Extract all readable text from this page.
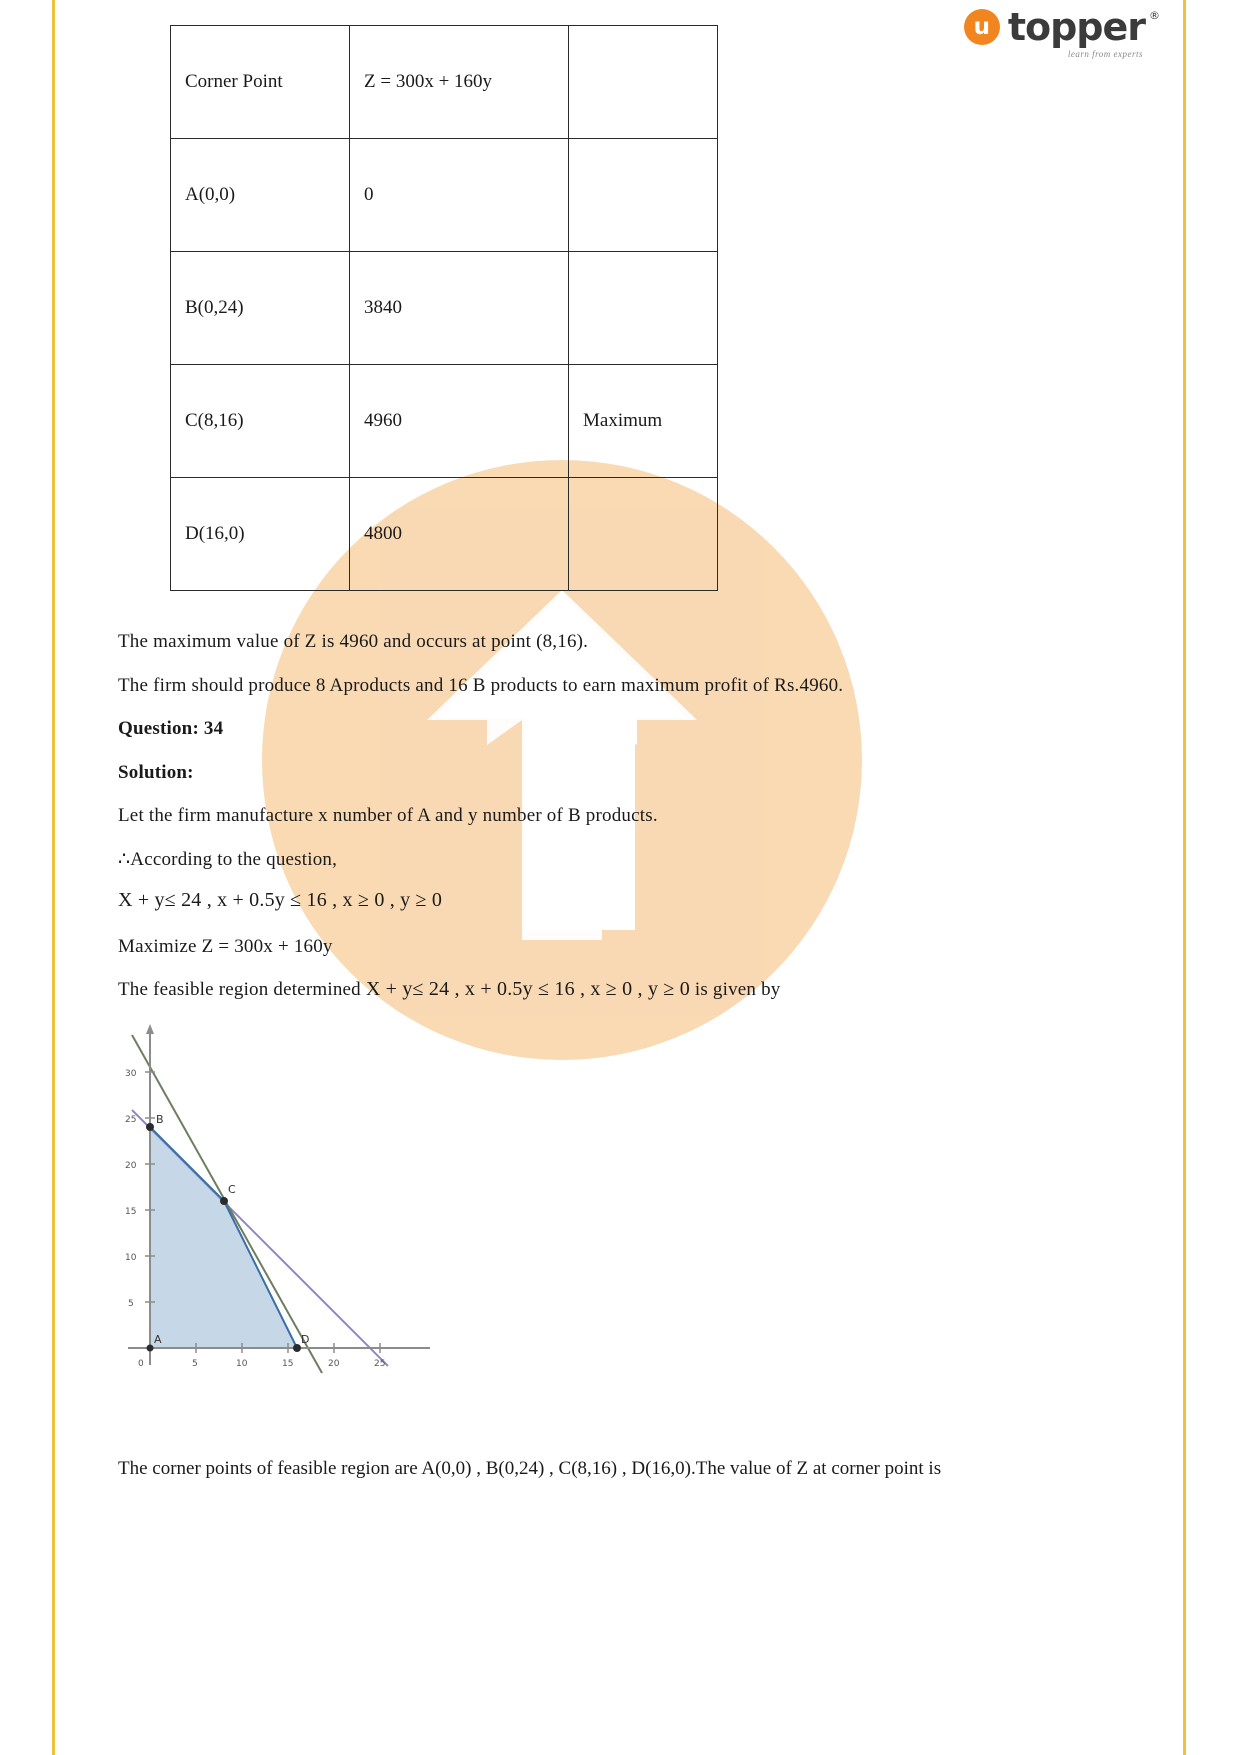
u topper ®
learn from experts
Corner Point	Z = 300x + 160y	
A(0,0)	0	
B(0,24)	3840	
C(8,16)	4960	Maximum
D(16,0)	4800	
The maximum value of Z is 4960 and occurs at point (8,16).
The firm should produce 8 Aproducts and 16 B products to earn maximum profit of Rs.4960.
Question: 34
Solution:
Let the firm manufacture x number of A and y number of B products.
∴According to the question,
X + y≤ 24 , x + 0.5y ≤ 16 , x ≥ 0 , y ≥ 0
Maximize Z = 300x + 160y
The feasible region determined X + y≤ 24 , x + 0.5y ≤ 16 , x ≥ 0 , y ≥ 0 is given by
5
10
15
20
25
30
0	5	10	15	20	25
A
B
C
D
The corner points of feasible region are A(0,0) , B(0,24) , C(8,16) , D(16,0).The value of Z at corner point is
